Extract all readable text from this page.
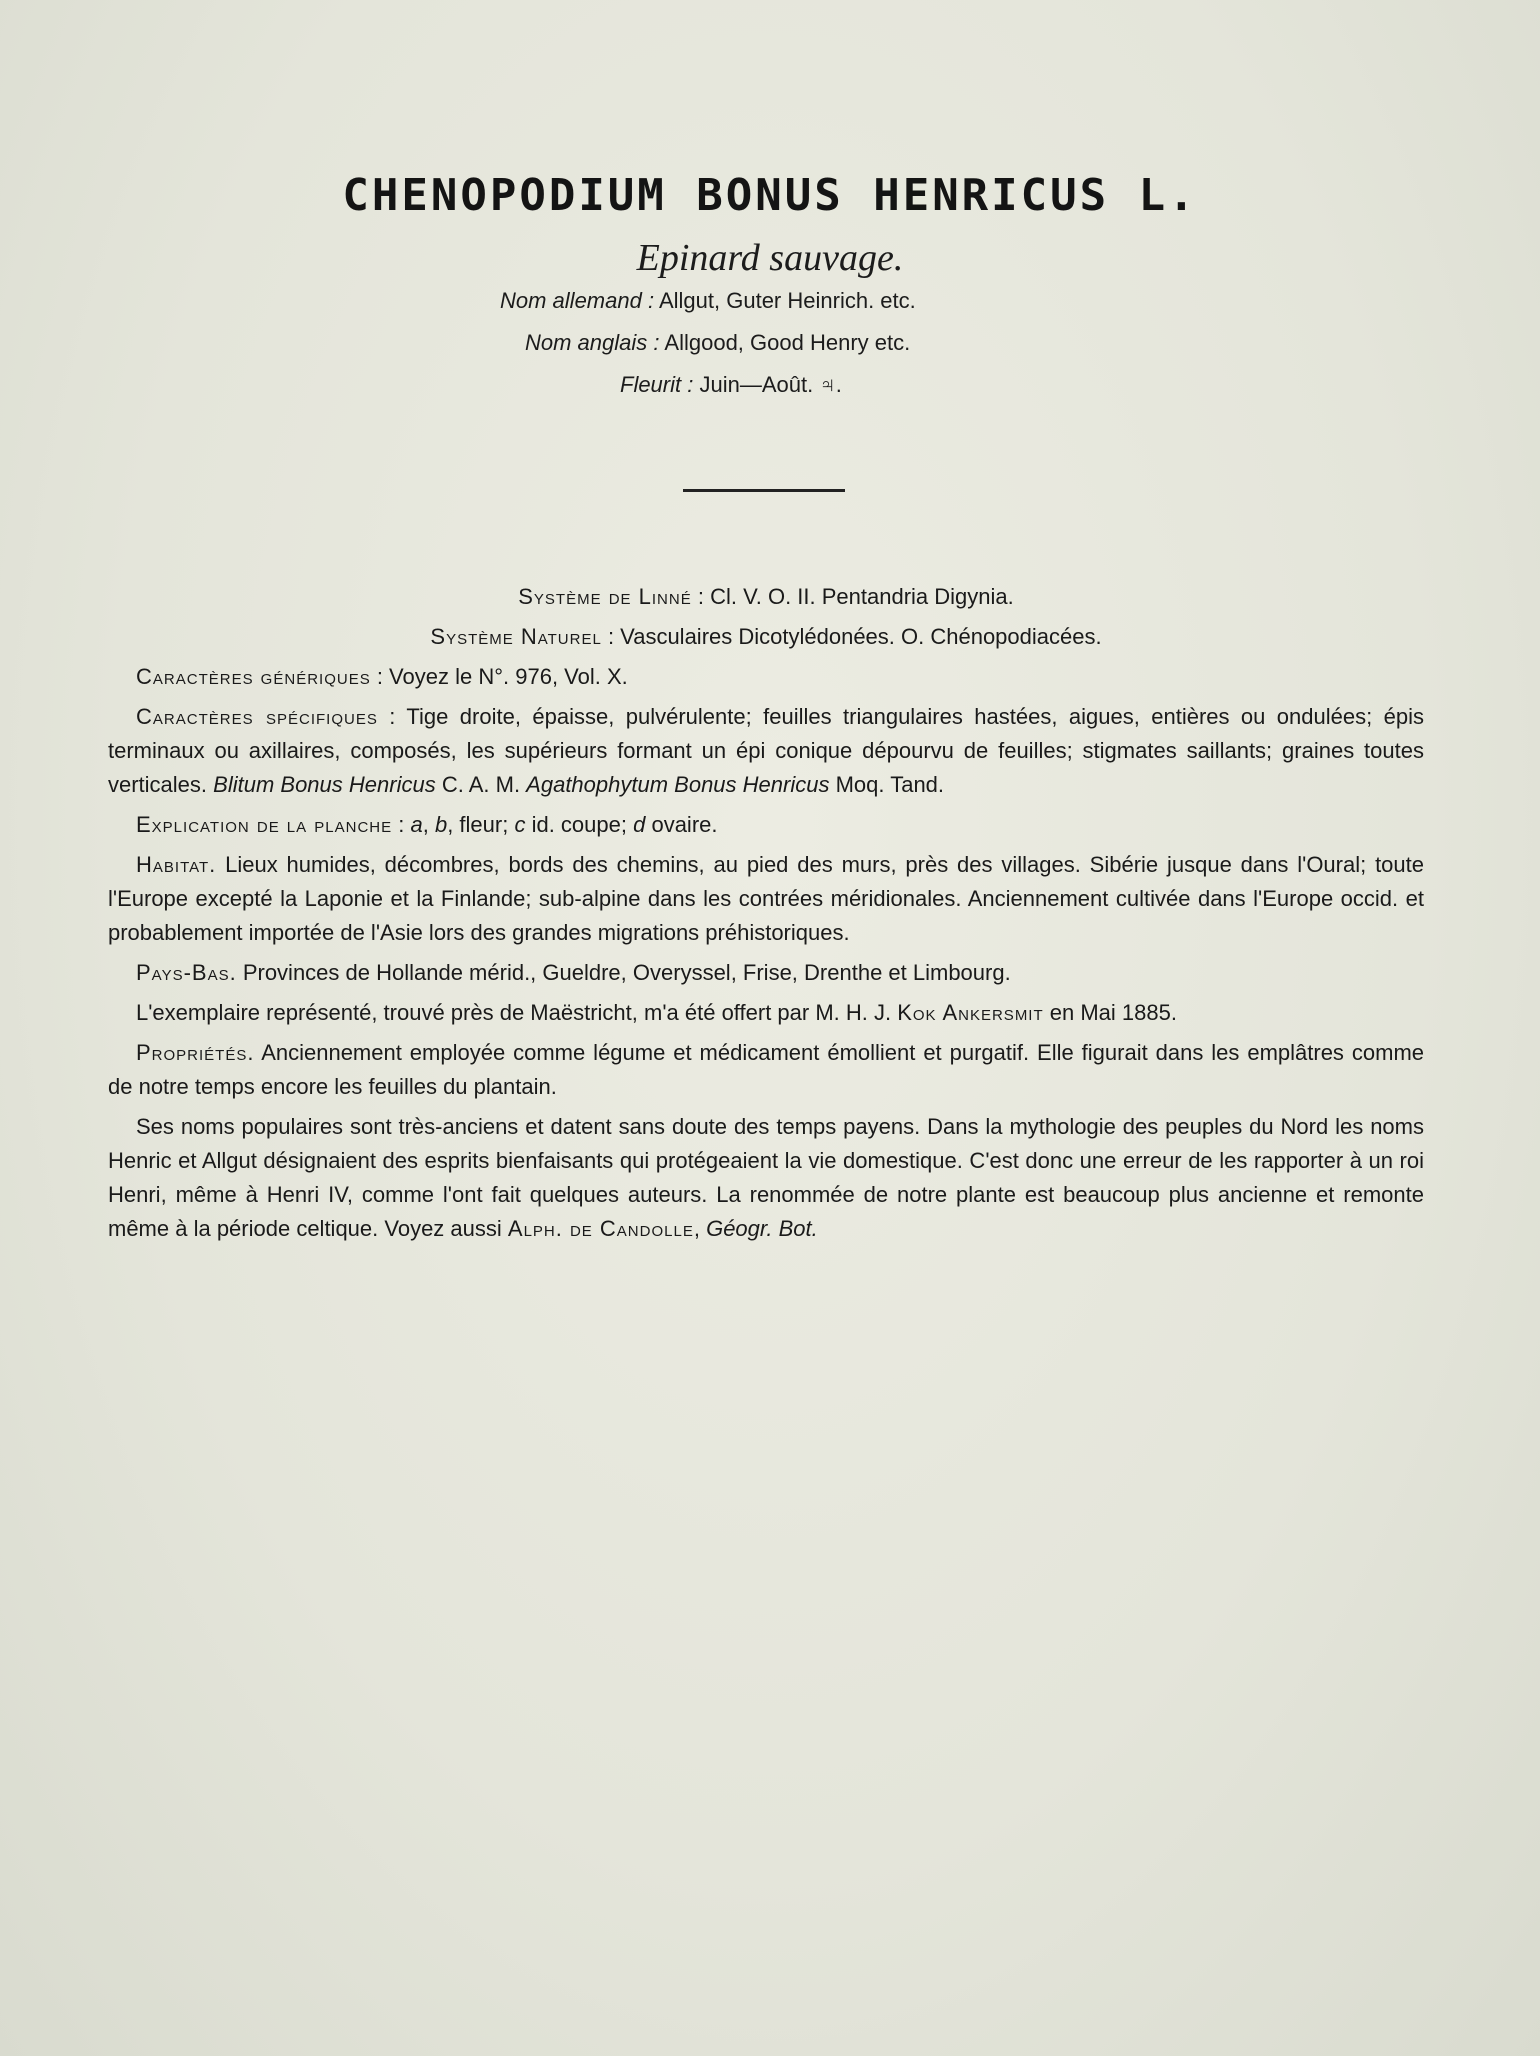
CHENOPODIUM BONUS HENRICUS L.
Epinard sauvage.
Nom allemand : Allgut, Guter Heinrich. etc.
Nom anglais : Allgood, Good Henry etc.
Fleurit : Juin—Août. ♃.

Système de Linné : Cl. V. O. II. Pentandria Digynia.

Système Naturel : Vasculaires Dicotylédonées. O. Chénopodiacées.

Caractères génériques : Voyez le N°. 976, Vol. X.

Caractères spécifiques : Tige droite, épaisse, pulvérulente; feuilles triangulaires hastées, aigues, entières ou ondulées; épis terminaux ou axillaires, composés, les supérieurs formant un épi conique dépourvu de feuilles; stigmates saillants; graines toutes verticales. Blitum Bonus Henricus C. A. M. Agathophytum Bonus Henricus Moq. Tand.

Explication de la planche : a, b, fleur; c id. coupe; d ovaire.

Habitat. Lieux humides, décombres, bords des chemins, au pied des murs, près des villages. Sibérie jusque dans l'Oural; toute l'Europe excepté la Laponie et la Finlande; sub-alpine dans les contrées méridionales. Anciennement cultivée dans l'Europe occid. et probablement importée de l'Asie lors des grandes migrations préhistoriques.

Pays-Bas. Provinces de Hollande mérid., Gueldre, Overyssel, Frise, Drenthe et Limbourg.

L'exemplaire représenté, trouvé près de Maëstricht, m'a été offert par M. H. J. Kok Ankersmit en Mai 1885.

Propriétés. Anciennement employée comme légume et médicament émollient et purgatif. Elle figurait dans les emplâtres comme de notre temps encore les feuilles du plantain.

Ses noms populaires sont très-anciens et datent sans doute des temps payens. Dans la mythologie des peuples du Nord les noms Henric et Allgut désignaient des esprits bienfaisants qui protégeaient la vie domestique. C'est donc une erreur de les rapporter à un roi Henri, même à Henri IV, comme l'ont fait quelques auteurs. La renommée de notre plante est beaucoup plus ancienne et remonte même à la période celtique. Voyez aussi Alph. de Candolle, Géogr. Bot.
